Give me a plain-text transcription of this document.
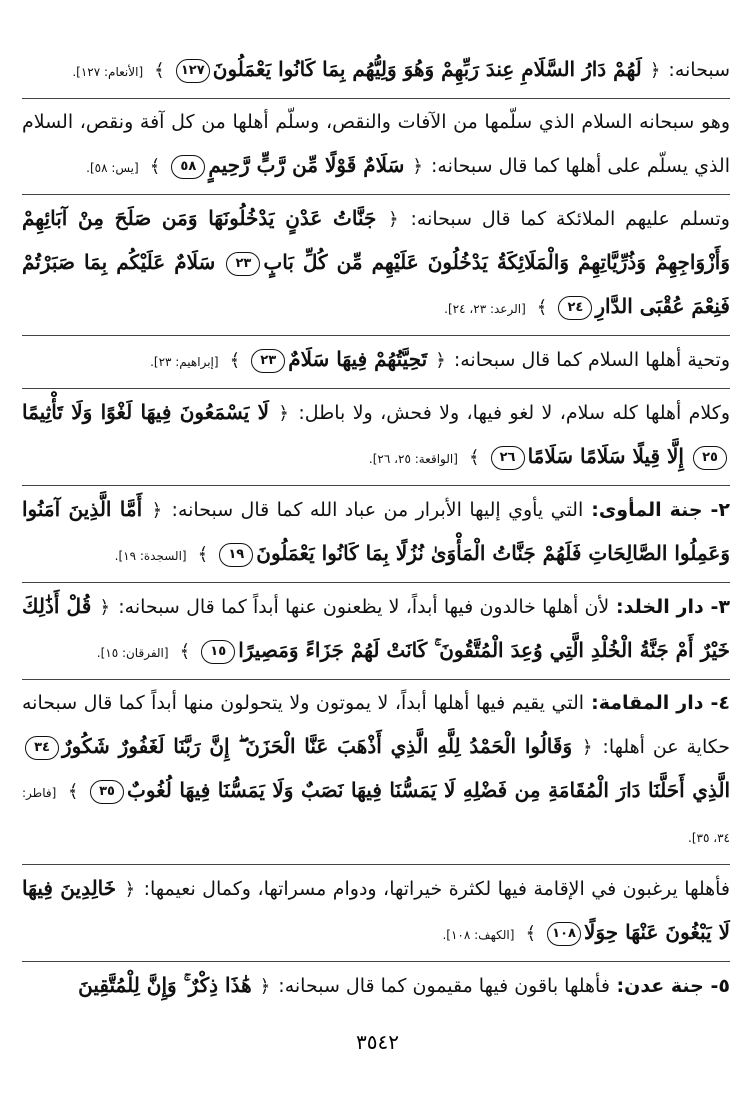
سبحانه: ﴿ لَهُمْ دَارُ السَّلَامِ عِندَ رَبِّهِمْ وَهُوَ وَلِيُّهُم بِمَا كَانُوا يَعْمَلُونَ١٢٧ ﴾ [الأنعام: ١٢٧].

وهو سبحانه السلام الذي سلّمها من الآفات والنقص، وسلّم أهلها من كل آفة ونقص، السلام الذي يسلّم على أهلها كما قال سبحانه: ﴿ سَلَامٌ قَوْلًا مِّن رَّبٍّ رَّحِيمٍ٥٨ ﴾ [يس: ٥٨].

وتسلم عليهم الملائكة كما قال سبحانه: ﴿ جَنَّاتُ عَدْنٍ يَدْخُلُونَهَا وَمَن صَلَحَ مِنْ آبَائِهِمْ وَأَزْوَاجِهِمْ وَذُرِّيَّاتِهِمْ وَالْمَلَائِكَةُ يَدْخُلُونَ عَلَيْهِم مِّن كُلِّ بَابٍ٢٣ سَلَامٌ عَلَيْكُم بِمَا صَبَرْتُمْ فَنِعْمَ عُقْبَى الدَّارِ٢٤ ﴾ [الرعد: ٢٣، ٢٤].

وتحية أهلها السلام كما قال سبحانه: ﴿ تَحِيَّتُهُمْ فِيهَا سَلَامٌ٢٣ ﴾ [إبراهيم: ٢٣].

وكلام أهلها كله سلام، لا لغو فيها، ولا فحش، ولا باطل: ﴿ لَا يَسْمَعُونَ فِيهَا لَغْوًا وَلَا تَأْثِيمًا٢٥ إِلَّا قِيلًا سَلَامًا سَلَامًا٢٦ ﴾ [الواقعة: ٢٥، ٢٦].

٢- جنة المأوى: التي يأوي إليها الأبرار من عباد الله كما قال سبحانه: ﴿ أَمَّا الَّذِينَ آمَنُوا وَعَمِلُوا الصَّالِحَاتِ فَلَهُمْ جَنَّاتُ الْمَأْوَىٰ نُزُلًا بِمَا كَانُوا يَعْمَلُونَ١٩ ﴾ [السجدة: ١٩].

٣- دار الخلد: لأن أهلها خالدون فيها أبداً، لا يظعنون عنها أبداً كما قال سبحانه: ﴿ قُلْ أَذَٰلِكَ خَيْرٌ أَمْ جَنَّةُ الْخُلْدِ الَّتِي وُعِدَ الْمُتَّقُونَ ۚ كَانَتْ لَهُمْ جَزَاءً وَمَصِيرًا١٥ ﴾ [الفرقان: ١٥].

٤- دار المقامة: التي يقيم فيها أهلها أبداً، لا يموتون ولا يتحولون منها أبداً كما قال سبحانه حكاية عن أهلها: ﴿ وَقَالُوا الْحَمْدُ لِلَّهِ الَّذِي أَذْهَبَ عَنَّا الْحَزَنَ ۖ إِنَّ رَبَّنَا لَغَفُورٌ شَكُورٌ٣٤ الَّذِي أَحَلَّنَا دَارَ الْمُقَامَةِ مِن فَضْلِهِ لَا يَمَسُّنَا فِيهَا نَصَبٌ وَلَا يَمَسُّنَا فِيهَا لُغُوبٌ٣٥ ﴾ [فاطر: ٣٤، ٣٥].

فأهلها يرغبون في الإقامة فيها لكثرة خيراتها، ودوام مسراتها، وكمال نعيمها: ﴿ خَالِدِينَ فِيهَا لَا يَبْغُونَ عَنْهَا حِوَلًا١٠٨ ﴾ [الكهف: ١٠٨].

٥- جنة عدن: فأهلها باقون فيها مقيمون كما قال سبحانه: ﴿ هَٰذَا ذِكْرٌ ۚ وَإِنَّ لِلْمُتَّقِينَ

٣٥٤٢
